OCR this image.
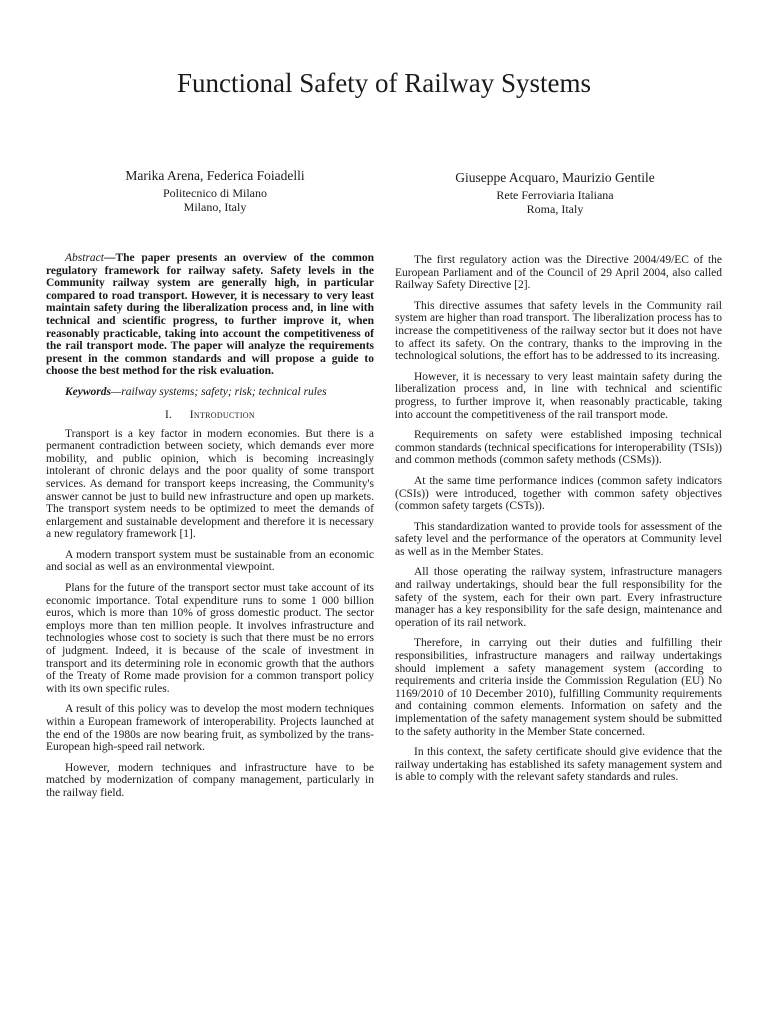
Functional Safety of Railway Systems
Marika Arena, Federica Foiadelli
Politecnico di Milano
Milano, Italy
Giuseppe Acquaro, Maurizio Gentile
Rete Ferroviaria Italiana
Roma, Italy

Abstract—The paper presents an overview of the common regulatory framework for railway safety. Safety levels in the Community railway system are generally high, in particular compared to road transport. However, it is necessary to very least maintain safety during the liberalization process and, in line with technical and scientific progress, to further improve it, when reasonably practicable, taking into account the competitiveness of the rail transport mode. The paper will analyze the requirements present in the common standards and will propose a guide to choose the best method for the risk evaluation.

Keywords—railway systems; safety; risk; technical rules

I. Introduction

Transport is a key factor in modern economies. But there is a permanent contradiction between society, which demands ever more mobility, and public opinion, which is becoming increasingly intolerant of chronic delays and the poor quality of some transport services. As demand for transport keeps increasing, the Community's answer cannot be just to build new infrastructure and open up markets. The transport system needs to be optimized to meet the demands of enlargement and sustainable development and therefore it is necessary a new regulatory framework [1].

A modern transport system must be sustainable from an economic and social as well as an environmental viewpoint.

Plans for the future of the transport sector must take account of its economic importance. Total expenditure runs to some 1 000 billion euros, which is more than 10% of gross domestic product. The sector employs more than ten million people. It involves infrastructure and technologies whose cost to society is such that there must be no errors of judgment. Indeed, it is because of the scale of investment in transport and its determining role in economic growth that the authors of the Treaty of Rome made provision for a common transport policy with its own specific rules.

A result of this policy was to develop the most modern techniques within a European framework of interoperability. Projects launched at the end of the 1980s are now bearing fruit, as symbolized by the trans-European high-speed rail network.

However, modern techniques and infrastructure have to be matched by modernization of company management, particularly in the railway field.

The first regulatory action was the Directive 2004/49/EC of the European Parliament and of the Council of 29 April 2004, also called Railway Safety Directive [2].

This directive assumes that safety levels in the Community rail system are higher than road transport. The liberalization process has to increase the competitiveness of the railway sector but it does not have to affect its safety. On the contrary, thanks to the improving in the technological solutions, the effort has to be addressed to its increasing.

However, it is necessary to very least maintain safety during the liberalization process and, in line with technical and scientific progress, to further improve it, when reasonably practicable, taking into account the competitiveness of the rail transport mode.

Requirements on safety were established imposing technical common standards (technical specifications for interoperability (TSIs)) and common methods (common safety methods (CSMs)).

At the same time performance indices (common safety indicators (CSIs)) were introduced, together with common safety objectives (common safety targets (CSTs)).

This standardization wanted to provide tools for assessment of the safety level and the performance of the operators at Community level as well as in the Member States.

All those operating the railway system, infrastructure managers and railway undertakings, should bear the full responsibility for the safety of the system, each for their own part. Every infrastructure manager has a key responsibility for the safe design, maintenance and operation of its rail network.

Therefore, in carrying out their duties and fulfilling their responsibilities, infrastructure managers and railway undertakings should implement a safety management system (according to requirements and criteria inside the Commission Regulation (EU) No 1169/2010 of 10 December 2010), fulfilling Community requirements and containing common elements. Information on safety and the implementation of the safety management system should be submitted to the safety authority in the Member State concerned.

In this context, the safety certificate should give evidence that the railway undertaking has established its safety management system and is able to comply with the relevant safety standards and rules.
